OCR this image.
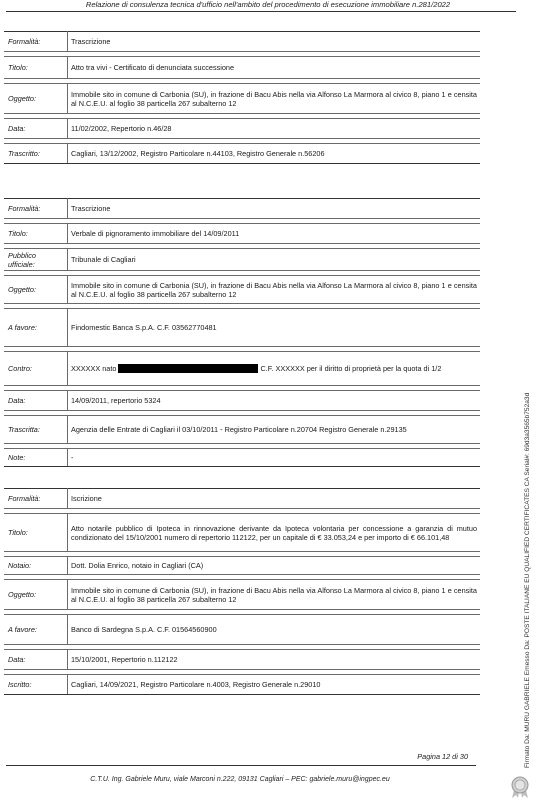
Relazione di consulenza tecnica d'ufficio nell'ambito del procedimento di esecuzione immobiliare n.281/2022
Formalità:	Trascrizione

Titolo:	Atto tra vivi - Certificato di denunciata successione

Oggetto:	Immobile sito in comune di Carbonia (SU), in frazione di Bacu Abis nella via Alfonso La Marmora al civico 8, piano 1 e censita al N.C.E.U. al foglio 38 particella 267 subalterno 12

Data:	11/02/2002, Repertorio n.46/28

Trascritto:	Cagliari, 13/12/2002, Registro Particolare n.44103, Registro Generale n.56206
Formalità:	Trascrizione

Titolo:	Verbale di pignoramento immobiliare del 14/09/2011

Pubblico ufficiale:	Tribunale di Cagliari

Oggetto:	Immobile sito in comune di Carbonia (SU), in frazione di Bacu Abis nella via Alfonso La Marmora al civico 8, piano 1 e censita al N.C.E.U. al foglio 38 particella 267 subalterno 12

A favore:	Findomestic Banca S.p.A. C.F. 03562770481

Contro:	XXXXXX nato C.F. XXXXXX per il diritto di proprietà per la quota di 1/2

Data:	14/09/2011, repertorio 5324

Trascritta:	Agenzia delle Entrate di Cagliari il 03/10/2011 - Registro Particolare n.20704 Registro Generale n.29135

Note:	-
Formalità:	Iscrizione

Titolo:	Atto notarile pubblico di Ipoteca in rinnovazione derivante da Ipoteca volontaria per concessione a garanzia di mutuo condizionato del 15/10/2001 numero di repertorio 112122, per un capitale di € 33.053,24 e per importo di € 66.101,48

Notaio:	Dott. Dolia Enrico, notaio in Cagliari (CA)

Oggetto:	Immobile sito in comune di Carbonia (SU), in frazione di Bacu Abis nella via Alfonso La Marmora al civico 8, piano 1 e censita al N.C.E.U. al foglio 38 particella 267 subalterno 12

A favore:	Banco di Sardegna S.p.A. C.F. 01564560900

Data:	15/10/2001, Repertorio n.112122

Iscritto:	Cagliari, 14/09/2021, Registro Particolare n.4003, Registro Generale n.29010
Pagina 12 di 30
C.T.U. Ing. Gabriele Muru, viale Marconi n.222, 09131 Cagliari – PEC: gabriele.muru@ingpec.eu
Firmato Da: MURU GABRIELE Emesso Da: POSTE ITALIANE EU QUALIFIED CERTIFICATES CA Serial#: 69d3a3565b752a3d
